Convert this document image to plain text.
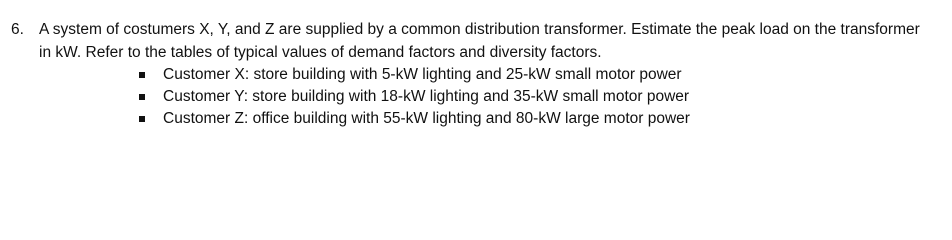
6. A system of costumers X, Y, and Z are supplied by a common distribution transformer. Estimate the peak load on the transformer
in kW. Refer to the tables of typical values of demand factors and diversity factors.
Customer X: store building with 5-kW lighting and 25-kW small motor power
Customer Y: store building with 18-kW lighting and 35-kW small motor power
Customer Z: office building with 55-kW lighting and 80-kW large motor power
